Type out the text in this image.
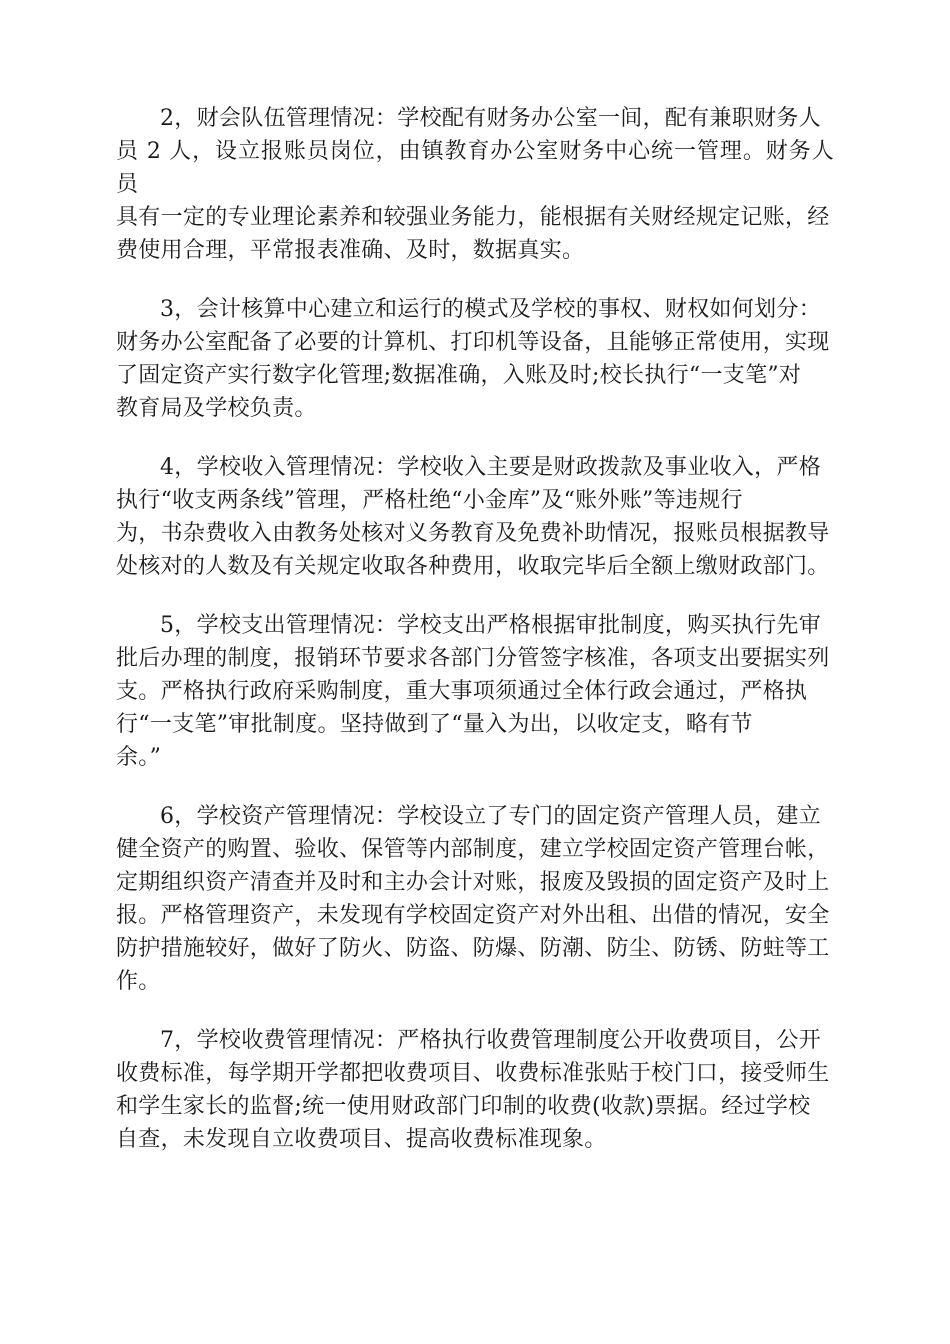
2，财会队伍管理情况：学校配有财务办公室一间，配有兼职财务人
员 2 人，设立报账员岗位，由镇教育办公室财务中心统一管理。财务人员
具有一定的专业理论素养和较强业务能力，能根据有关财经规定记账，经
费使用合理，平常报表准确、及时，数据真实。

3，会计核算中心建立和运行的模式及学校的事权、财权如何划分：
财务办公室配备了必要的计算机、打印机等设备，且能够正常使用，实现
了固定资产实行数字化管理;数据准确，入账及时;校长执行“一支笔”对
教育局及学校负责。

4，学校收入管理情况：学校收入主要是财政拨款及事业收入，严格
执行“收支两条线”管理，严格杜绝“小金库”及“账外账”等违规行
为，书杂费收入由教务处核对义务教育及免费补助情况，报账员根据教导
处核对的人数及有关规定收取各种费用，收取完毕后全额上缴财政部门。

5，学校支出管理情况：学校支出严格根据审批制度，购买执行先审
批后办理的制度，报销环节要求各部门分管签字核准，各项支出要据实列
支。严格执行政府采购制度，重大事项须通过全体行政会通过，严格执
行“一支笔”审批制度。坚持做到了“量入为出，以收定支，略有节
余。”

6，学校资产管理情况：学校设立了专门的固定资产管理人员，建立
健全资产的购置、验收、保管等内部制度，建立学校固定资产管理台帐，
定期组织资产清查并及时和主办会计对账，报废及毁损的固定资产及时上
报。严格管理资产，未发现有学校固定资产对外出租、出借的情况，安全
防护措施较好，做好了防火、防盗、防爆、防潮、防尘、防锈、防蛀等工
作。

7，学校收费管理情况：严格执行收费管理制度公开收费项目，公开
收费标准，每学期开学都把收费项目、收费标准张贴于校门口，接受师生
和学生家长的监督;统一使用财政部门印制的收费(收款)票据。经过学校
自查，未发现自立收费项目、提高收费标准现象。
